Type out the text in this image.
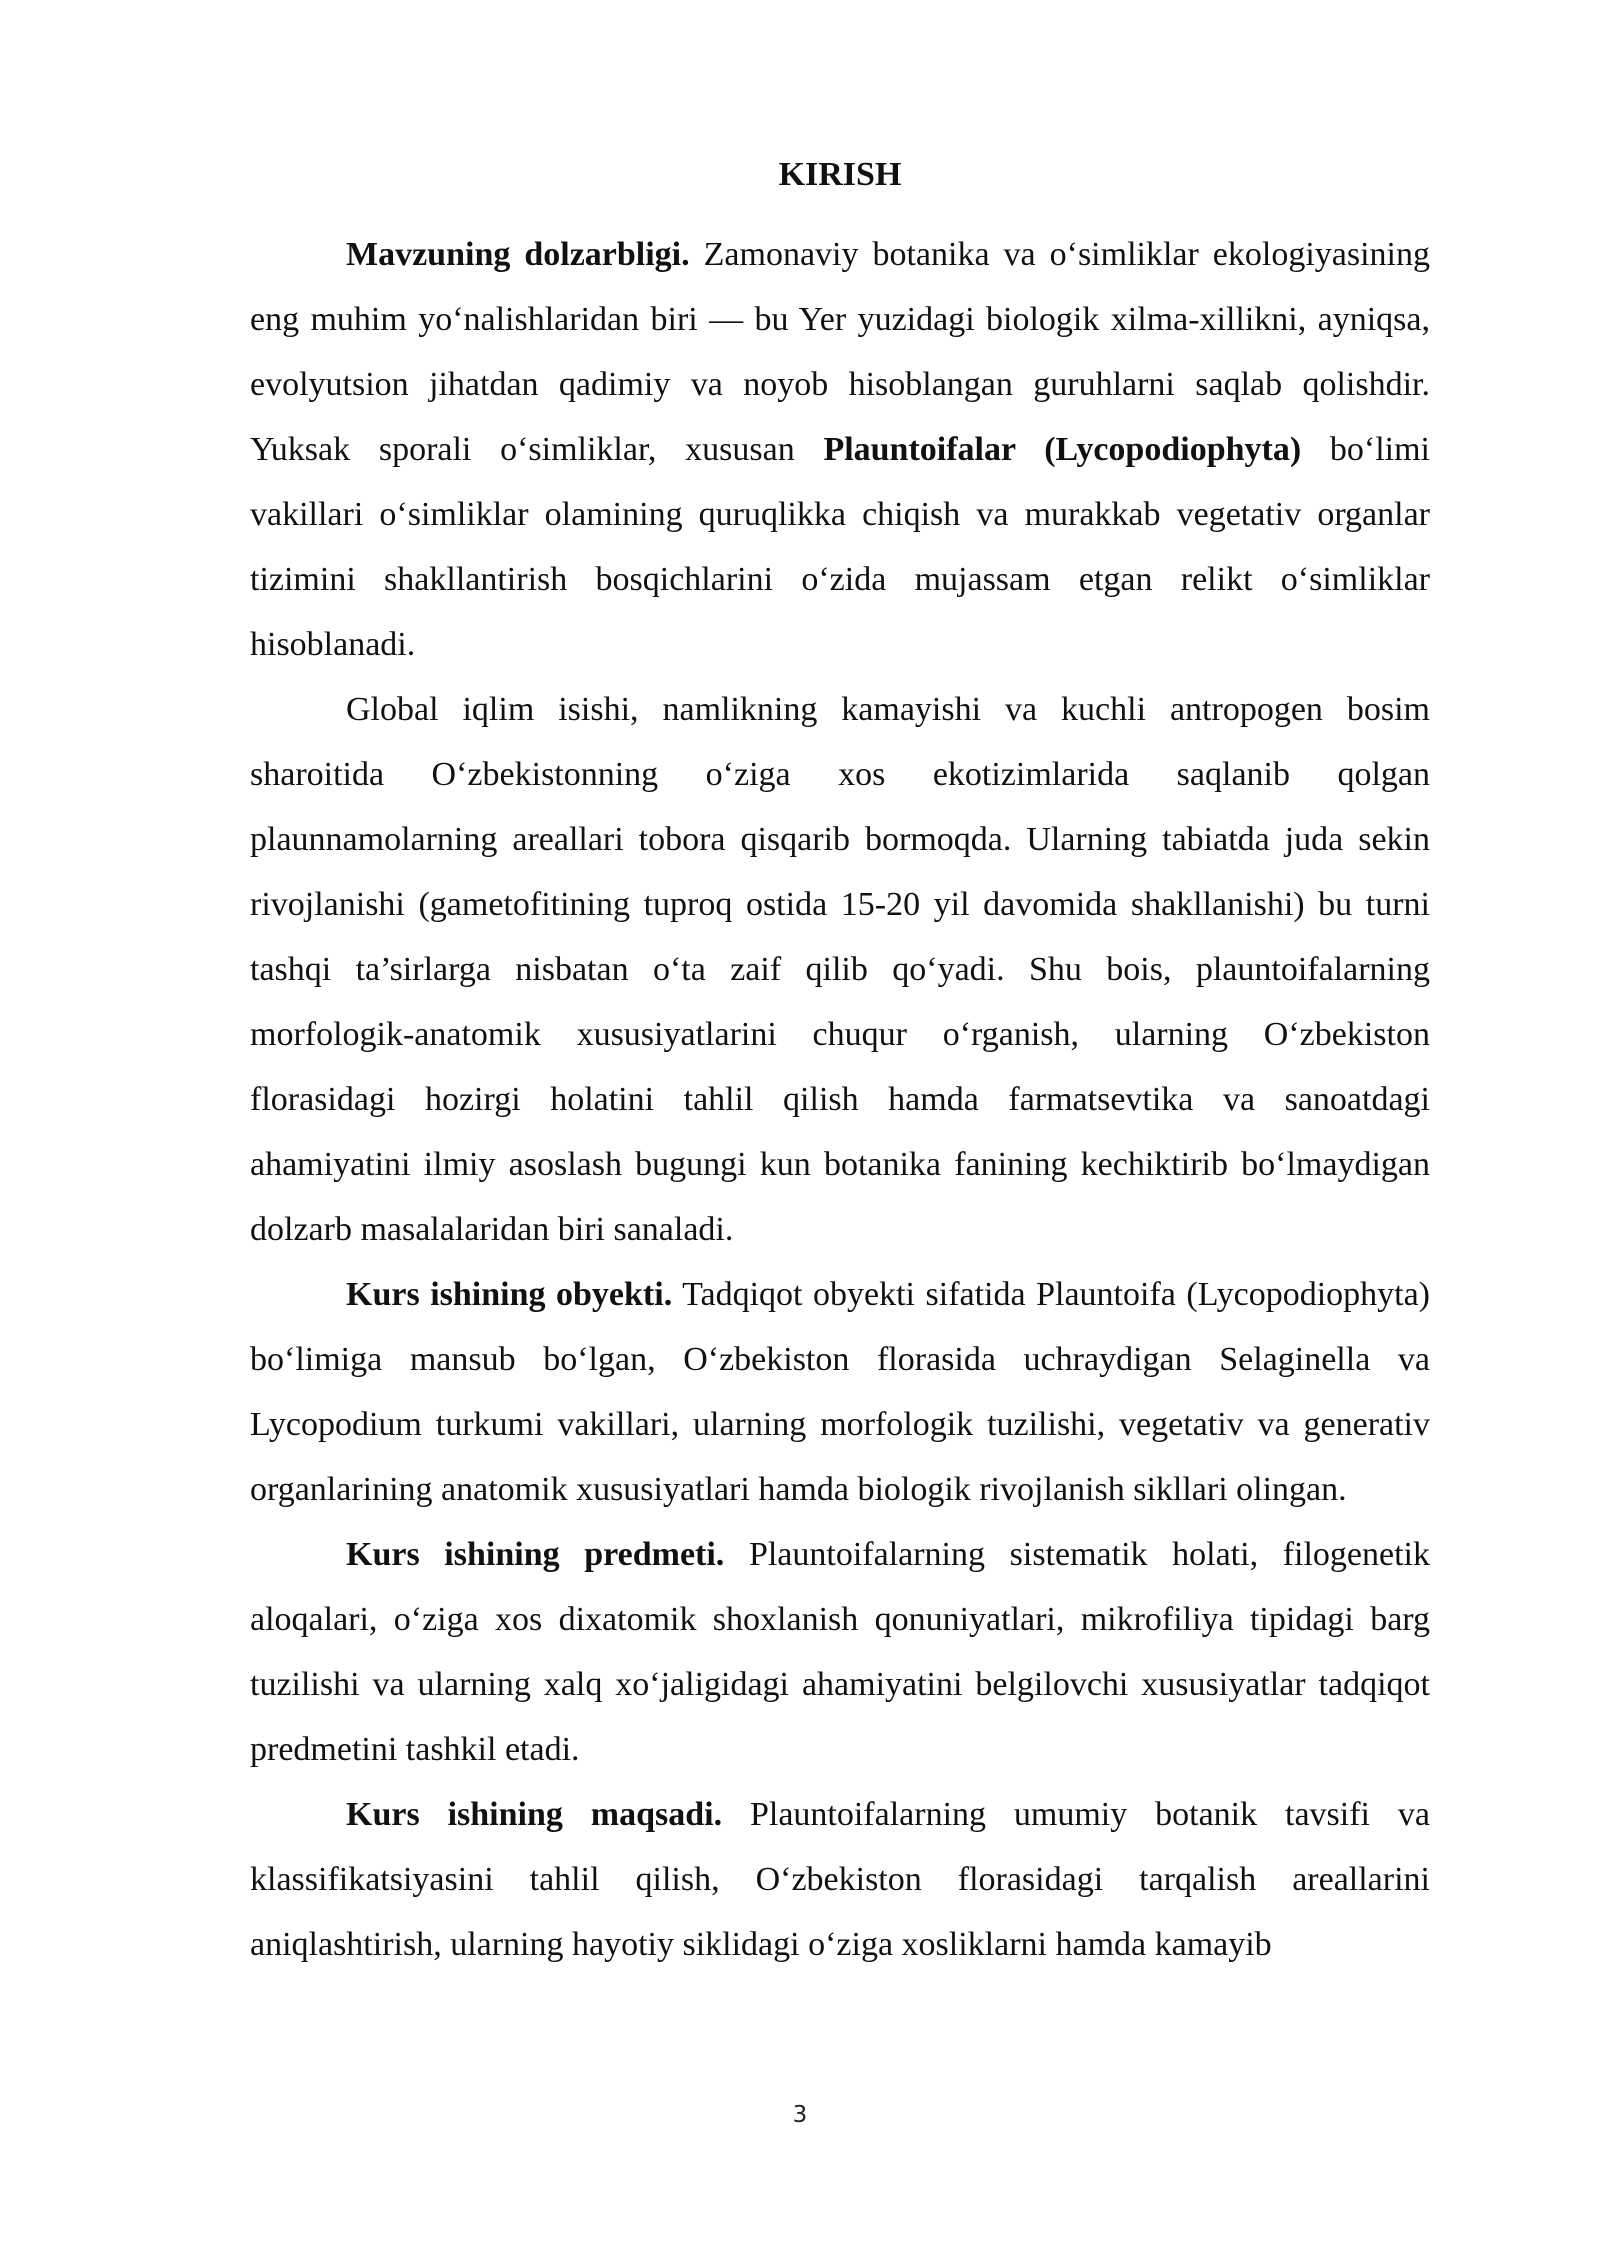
KIRISH

Mavzuning dolzarbligi. Zamonaviy botanika va oʻsimliklar ekologiyasining eng muhim yoʻnalishlaridan biri — bu Yer yuzidagi biologik xilma-xillikni, ayniqsa, evolyutsion jihatdan qadimiy va noyob hisoblangan guruhlarni saqlab qolishdir. Yuksak sporali oʻsimliklar, xususan Plauntoifalar (Lycopodiophyta) boʻlimi vakillari oʻsimliklar olamining quruqlikka chiqish va murakkab vegetativ organlar tizimini shakllantirish bosqichlarini oʻzida mujassam etgan relikt oʻsimliklar hisoblanadi.

Global iqlim isishi, namlikning kamayishi va kuchli antropogen bosim sharoitida Oʻzbekistonning oʻziga xos ekotizimlarida saqlanib qolgan plaunnamolarning areallari tobora qisqarib bormoqda. Ularning tabiatda juda sekin rivojlanishi (gametofitining tuproq ostida 15-20 yil davomida shakllanishi) bu turni tashqi ta’sirlarga nisbatan oʻta zaif qilib qoʻyadi. Shu bois, plauntoifalarning morfologik-anatomik xususiyatlarini chuqur oʻrganish, ularning Oʻzbekiston florasidagi hozirgi holatini tahlil qilish hamda farmatsevtika va sanoatdagi ahamiyatini ilmiy asoslash bugungi kun botanika fanining kechiktirib boʻlmaydigan dolzarb masalalaridan biri sanaladi.

Kurs ishining obyekti. Tadqiqot obyekti sifatida Plauntoifa (Lycopodiophyta) boʻlimiga mansub boʻlgan, Oʻzbekiston florasida uchraydigan Selaginella va Lycopodium turkumi vakillari, ularning morfologik tuzilishi, vegetativ va generativ organlarining anatomik xususiyatlari hamda biologik rivojlanish sikllari olingan.

Kurs ishining predmeti. Plauntoifalarning sistematik holati, filogenetik aloqalari, oʻziga xos dixatomik shoxlanish qonuniyatlari, mikrofiliya tipidagi barg tuzilishi va ularning xalq xoʻjaligidagi ahamiyatini belgilovchi xususiyatlar tadqiqot predmetini tashkil etadi.

Kurs ishining maqsadi. Plauntoifalarning umumiy botanik tavsifi va klassifikatsiyasini tahlil qilish, Oʻzbekiston florasidagi tarqalish areallarini aniqlashtirish, ularning hayotiy siklidagi oʻziga xosliklarni hamda kamayib

3
